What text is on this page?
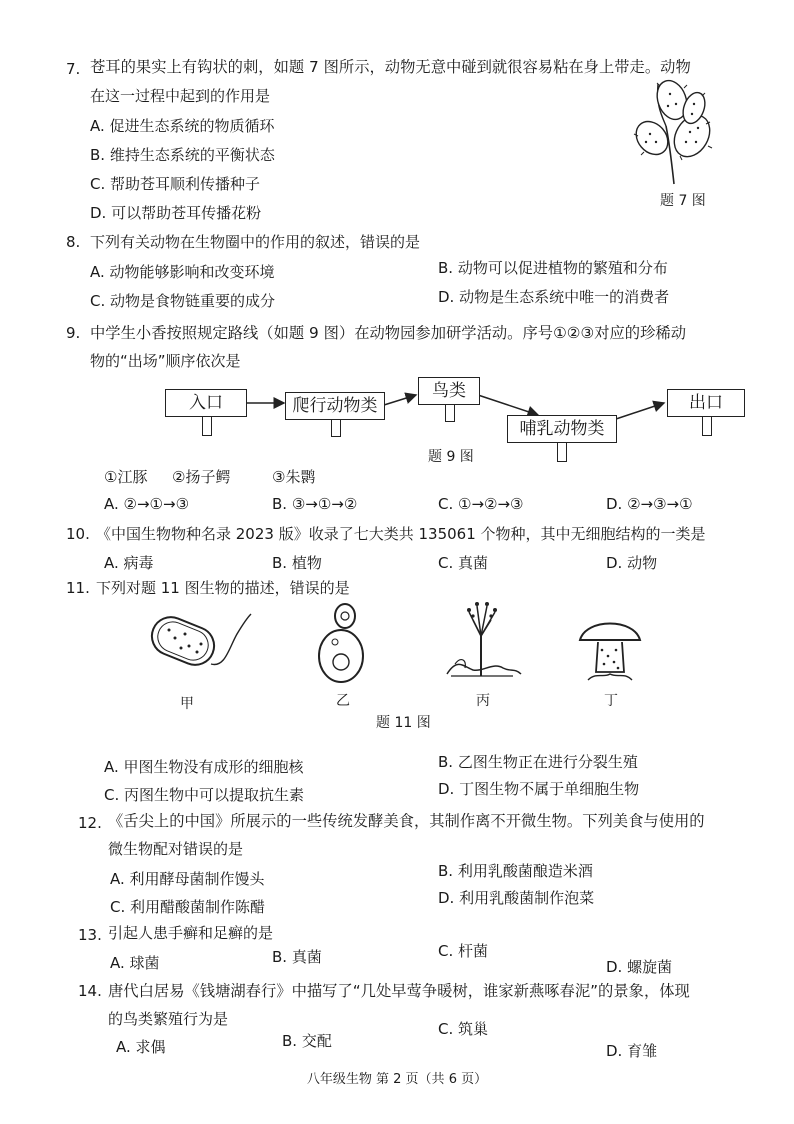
7. 苍耳的果实上有钩状的刺，如题 7 图所示，动物无意中碰到就很容易粘在身上带走。动物
在这一过程中起到的作用是
A. 促进生态系统的物质循环
B. 维持生态系统的平衡状态
C. 帮助苍耳顺利传播种子
D. 可以帮助苍耳传播花粉
题 7 图
8. 下列有关动物在生物圈中的作用的叙述，错误的是
A. 动物能够影响和改变环境	B. 动物可以促进植物的繁殖和分布
C. 动物是食物链重要的成分	D. 动物是生态系统中唯一的消费者
9. 中学生小香按照规定路线（如题 9 图）在动物园参加研学活动。序号①②③对应的珍稀动
物的“出场”顺序依次是
入口	爬行动物类
鸟类
哺乳动物类
出口
题 9 图
①江豚 ②扬子鳄	③朱鹮
A. ②→①→③	B. ③→①→②	C. ①→②→③	D. ②→③→①
10. 《中国生物物种名录 2023 版》收录了七大类共 135061 个物种，其中无细胞结构的一类是
A. 病毒	B. 植物	C. 真菌	D. 动物
11. 下列对题 11 图生物的描述，错误的是
甲	乙	丙	丁
题 11 图
A. 甲图生物没有成形的细胞核	B. 乙图生物正在进行分裂生殖
C. 丙图生物中可以提取抗生素	D. 丁图生物不属于单细胞生物
12. 《舌尖上的中国》所展示的一些传统发酵美食，其制作离不开微生物。下列美食与使用的
微生物配对错误的是
A. 利用酵母菌制作馒头	B. 利用乳酸菌酿造米酒
C. 利用醋酸菌制作陈醋	D. 利用乳酸菌制作泡菜
13. 引起人患手癣和足癣的是
A. 球菌	B. 真菌	C. 杆菌
D. 螺旋菌
14. 唐代白居易《钱塘湖春行》中描写了“几处早莺争暖树，谁家新燕啄春泥”的景象，体现
的鸟类繁殖行为是
A. 求偶	B. 交配
C. 筑巢
D. 育雏
八年级生物 第 2 页（共 6 页）
